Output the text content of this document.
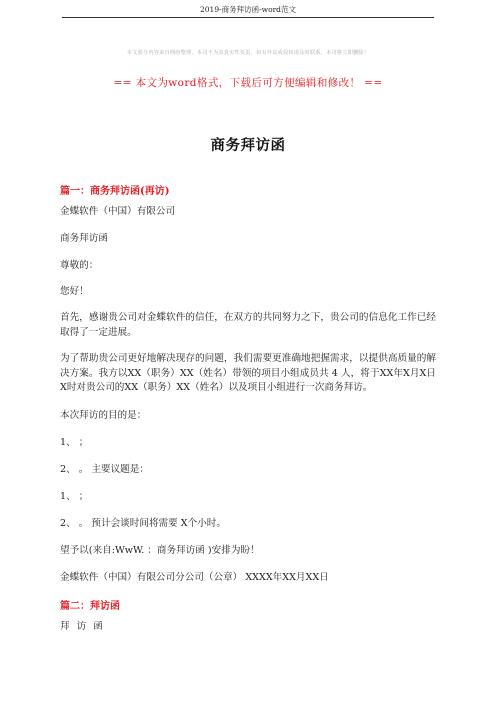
2019-商务拜访函-word范文
本文部分内容来自网络整理，本司不为其真实性负责，如有异议或侵权请及时联系，本司将立即删除！
== 本文为word格式，下载后可方便编辑和修改！ ==
商务拜访函

篇一：商务拜访函(再访)

金蝶软件（中国）有限公司

商务拜访函

尊敬的：

您好！

首先，感谢贵公司对金蝶软件的信任，在双方的共同努力之下，贵公司的信息化工作已经取得了一定进展。

为了帮助贵公司更好地解决现存的问题，我们需要更准确地把握需求，以提供高质量的解决方案。我方以XX（职务）XX（姓名）带领的项目小组成员共 4 人，将于XX年X月X日X时对贵公司的XX（职务）XX（姓名）以及项目小组进行一次商务拜访。

本次拜访的目的是：

1、 ；

2、 。 主要议题是：

1、 ；

2、 。 预计会谈时间将需要 X个小时。

望予以(来自:WwW. ：商务拜访函 )安排为盼！

金蝶软件（中国）有限公司分公司（公章） XXXX年XX月XX日

篇二：拜访函

拜 访 函
